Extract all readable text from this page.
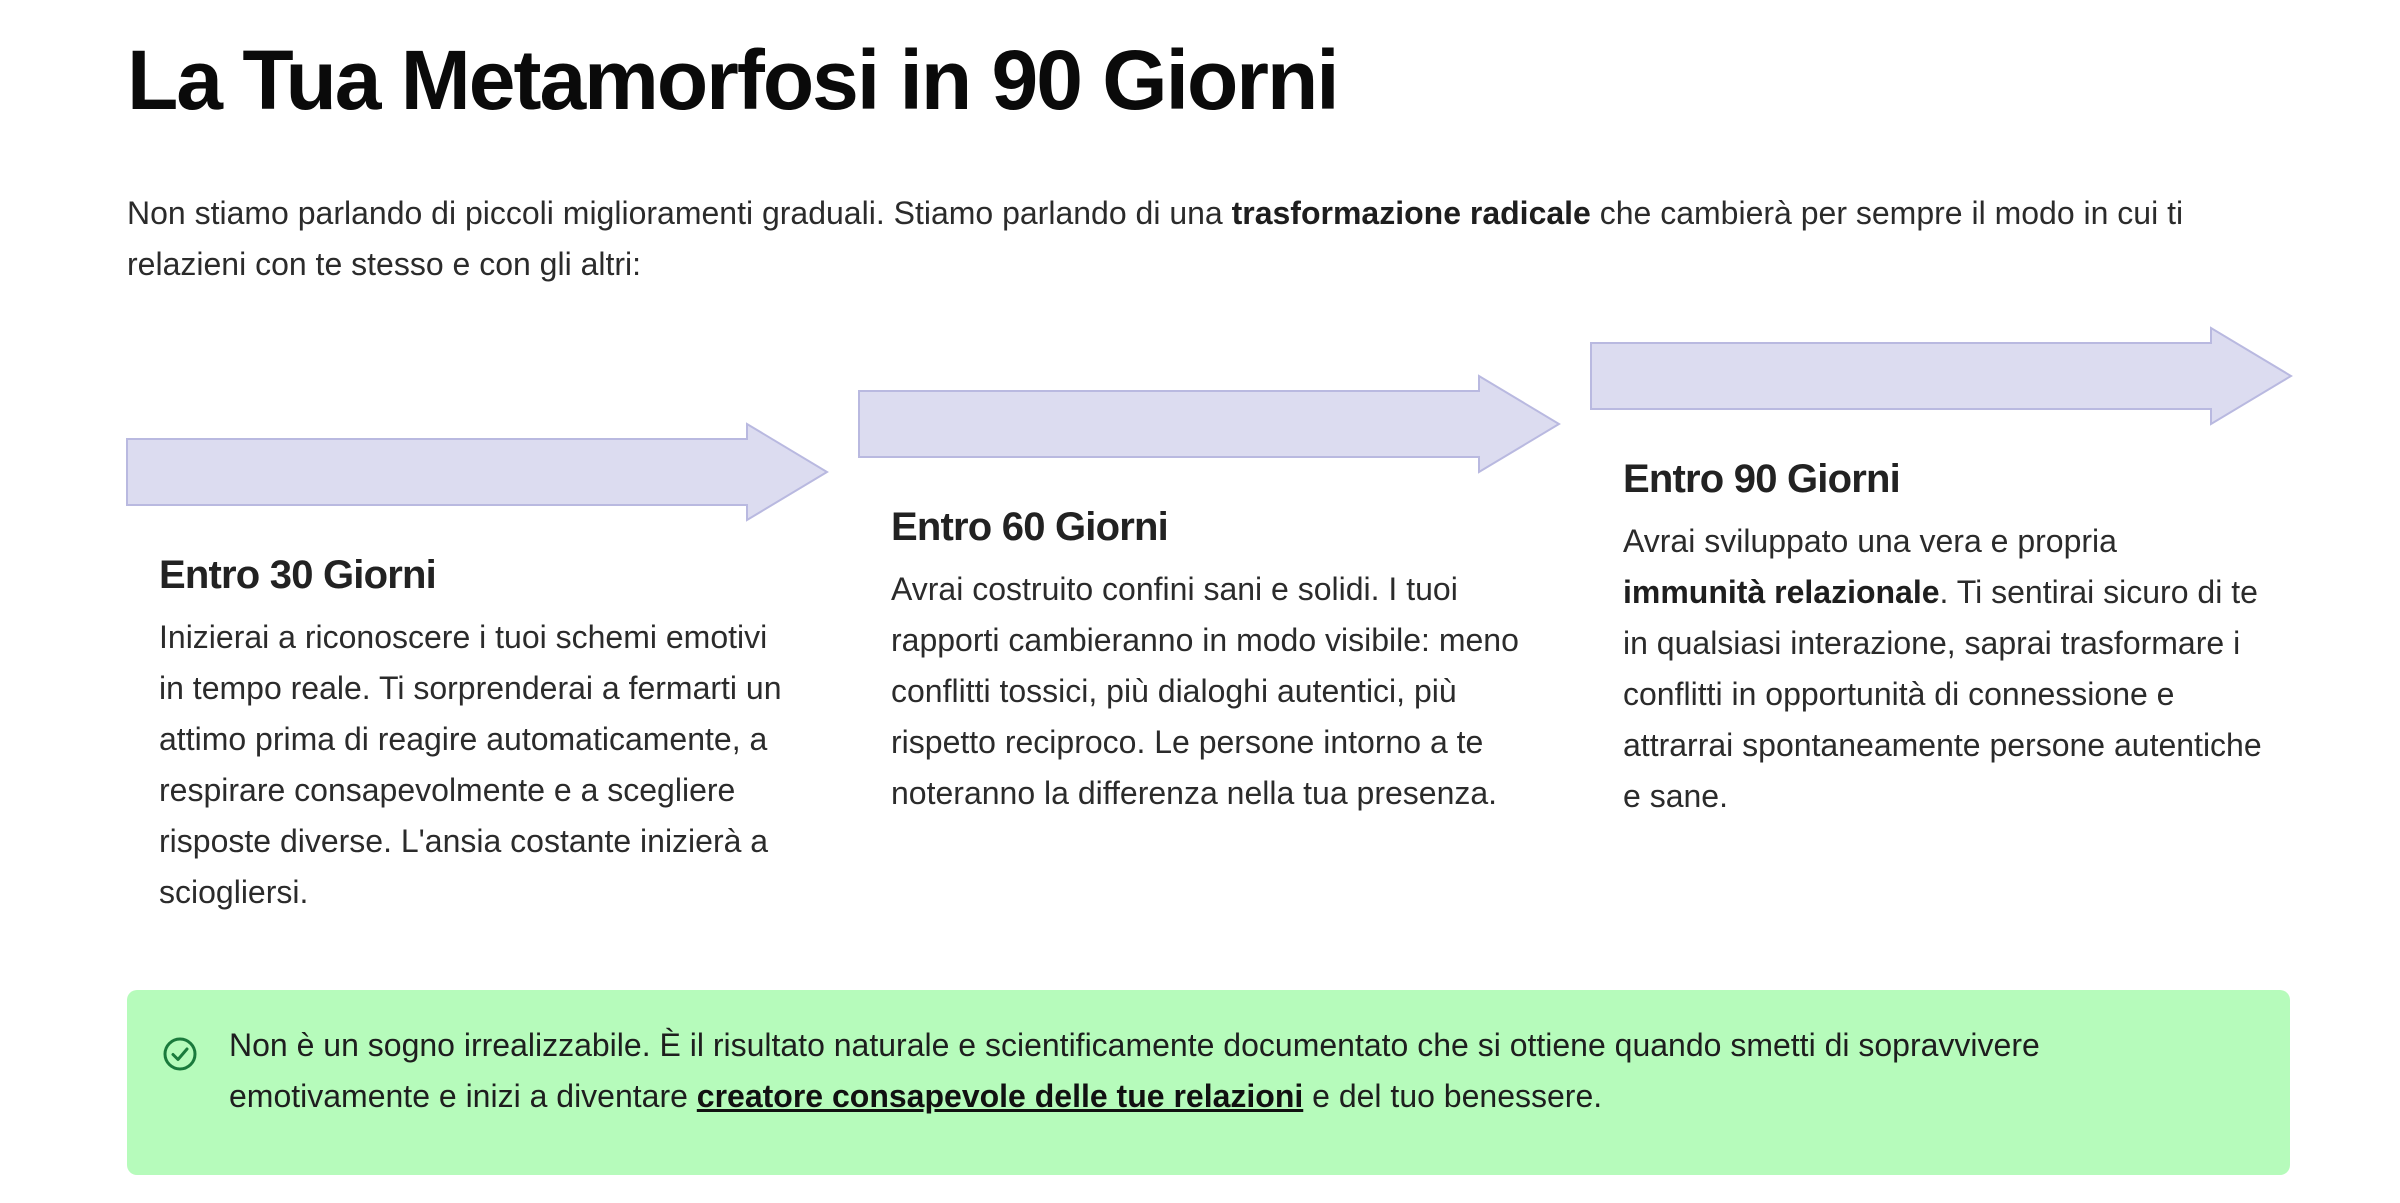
La Tua Metamorfosi in 90 Giorni

Non stiamo parlando di piccoli miglioramenti graduali. Stiamo parlando di una trasformazione radicale che cambierà per sempre il modo in cui ti relazieni con te stesso e con gli altri:

Entro 30 Giorni

Inizierai a riconoscere i tuoi schemi emotivi in tempo reale. Ti sorprenderai a fermarti un attimo prima di reagire automaticamente, a respirare consapevolmente e a scegliere risposte diverse. L'ansia costante inizierà a sciogliersi.

Entro 60 Giorni

Avrai costruito confini sani e solidi. I tuoi rapporti cambieranno in modo visibile: meno conflitti tossici, più dialoghi autentici, più rispetto reciproco. Le persone intorno a te noteranno la differenza nella tua presenza.

Entro 90 Giorni

Avrai sviluppato una vera e propria immunità relazionale. Ti sentirai sicuro di te in qualsiasi interazione, saprai trasformare i conflitti in opportunità di connessione e attrarrai spontaneamente persone autentiche e sane.

Non è un sogno irrealizzabile. È il risultato naturale e scientificamente documentato che si ottiene quando smetti di sopravvivere emotivamente e inizi a diventare creatore consapevole delle tue relazioni e del tuo benessere.
